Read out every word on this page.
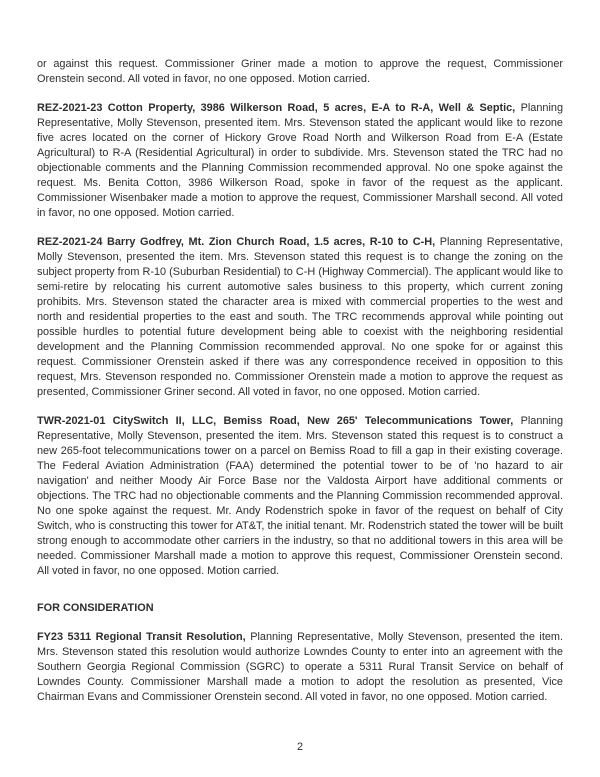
or against this request. Commissioner Griner made a motion to approve the request, Commissioner Orenstein second. All voted in favor, no one opposed. Motion carried.

REZ-2021-23 Cotton Property, 3986 Wilkerson Road, 5 acres, E-A to R-A, Well & Septic, Planning Representative, Molly Stevenson, presented item. Mrs. Stevenson stated the applicant would like to rezone five acres located on the corner of Hickory Grove Road North and Wilkerson Road from E-A (Estate Agricultural) to R-A (Residential Agricultural) in order to subdivide. Mrs. Stevenson stated the TRC had no objectionable comments and the Planning Commission recommended approval. No one spoke against the request. Ms. Benita Cotton, 3986 Wilkerson Road, spoke in favor of the request as the applicant. Commissioner Wisenbaker made a motion to approve the request, Commissioner Marshall second. All voted in favor, no one opposed. Motion carried.

REZ-2021-24 Barry Godfrey, Mt. Zion Church Road, 1.5 acres, R-10 to C-H, Planning Representative, Molly Stevenson, presented the item. Mrs. Stevenson stated this request is to change the zoning on the subject property from R-10 (Suburban Residential) to C-H (Highway Commercial). The applicant would like to semi-retire by relocating his current automotive sales business to this property, which current zoning prohibits. Mrs. Stevenson stated the character area is mixed with commercial properties to the west and north and residential properties to the east and south. The TRC recommends approval while pointing out possible hurdles to potential future development being able to coexist with the neighboring residential development and the Planning Commission recommended approval. No one spoke for or against this request. Commissioner Orenstein asked if there was any correspondence received in opposition to this request, Mrs. Stevenson responded no. Commissioner Orenstein made a motion to approve the request as presented, Commissioner Griner second. All voted in favor, no one opposed. Motion carried.

TWR-2021-01 CitySwitch II, LLC, Bemiss Road, New 265' Telecommunications Tower, Planning Representative, Molly Stevenson, presented the item. Mrs. Stevenson stated this request is to construct a new 265-foot telecommunications tower on a parcel on Bemiss Road to fill a gap in their existing coverage. The Federal Aviation Administration (FAA) determined the potential tower to be of 'no hazard to air navigation' and neither Moody Air Force Base nor the Valdosta Airport have additional comments or objections. The TRC had no objectionable comments and the Planning Commission recommended approval. No one spoke against the request. Mr. Andy Rodenstrich spoke in favor of the request on behalf of City Switch, who is constructing this tower for AT&T, the initial tenant. Mr. Rodenstrich stated the tower will be built strong enough to accommodate other carriers in the industry, so that no additional towers in this area will be needed. Commissioner Marshall made a motion to approve this request, Commissioner Orenstein second. All voted in favor, no one opposed. Motion carried.

FOR CONSIDERATION

FY23 5311 Regional Transit Resolution, Planning Representative, Molly Stevenson, presented the item. Mrs. Stevenson stated this resolution would authorize Lowndes County to enter into an agreement with the Southern Georgia Regional Commission (SGRC) to operate a 5311 Rural Transit Service on behalf of Lowndes County. Commissioner Marshall made a motion to adopt the resolution as presented, Vice Chairman Evans and Commissioner Orenstein second. All voted in favor, no one opposed. Motion carried.

2
